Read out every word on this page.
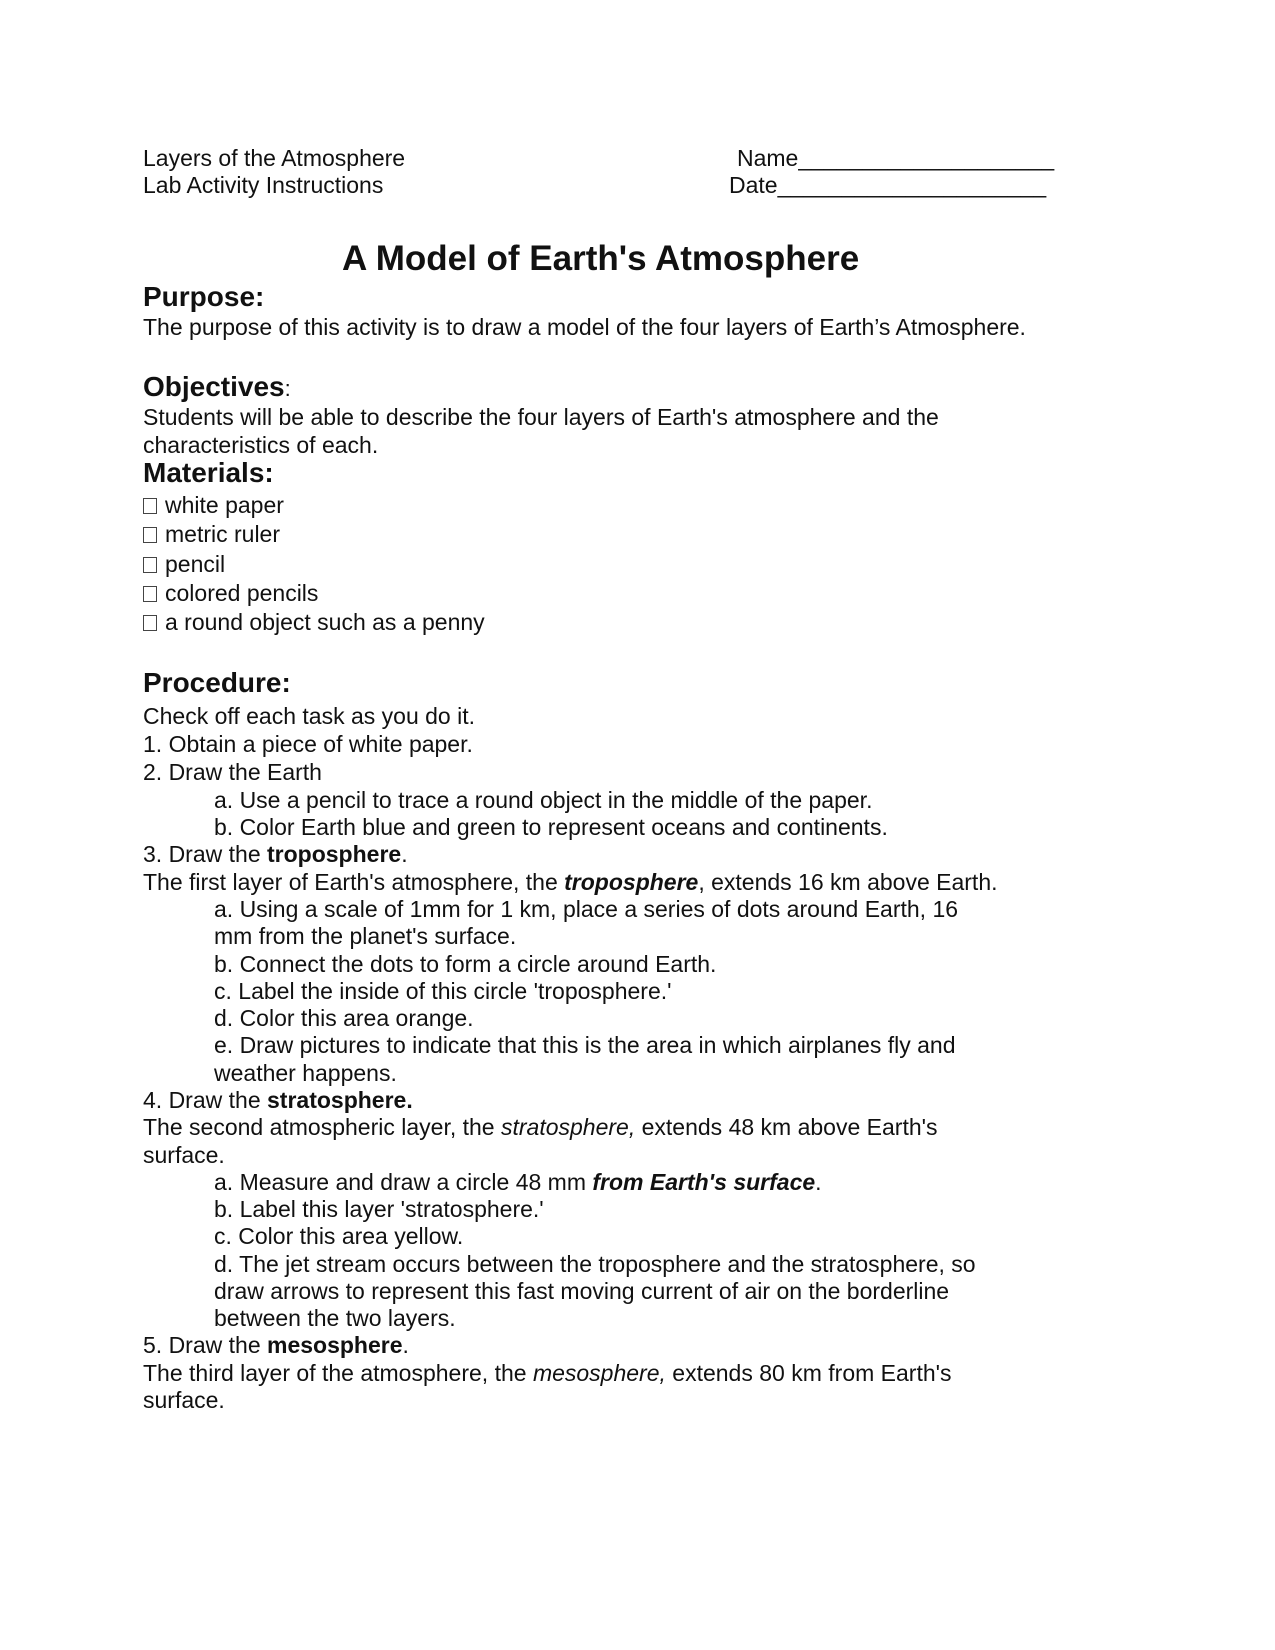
Layers of the Atmosphere
Lab Activity Instructions
Name____________________
Date_____________________
A Model of Earth's Atmosphere
Purpose:
The purpose of this activity is to draw a model of the four layers of Earth’s Atmosphere.
Objectives:
Students will be able to describe the four layers of Earth's atmosphere and the
characteristics of each.
Materials:
white paper
metric ruler
pencil
colored pencils
a round object such as a penny
Procedure:
Check off each task as you do it.
1. Obtain a piece of white paper.
2. Draw the Earth
a. Use a pencil to trace a round object in the middle of the paper.
b. Color Earth blue and green to represent oceans and continents.
3. Draw the troposphere.
The first layer of Earth's atmosphere, the troposphere, extends 16 km above Earth.
a. Using a scale of 1mm for 1 km, place a series of dots around Earth, 16
mm from the planet's surface.
b. Connect the dots to form a circle around Earth.
c. Label the inside of this circle 'troposphere.'
d. Color this area orange.
e. Draw pictures to indicate that this is the area in which airplanes fly and
weather happens.
4. Draw the stratosphere.
The second atmospheric layer, the stratosphere, extends 48 km above Earth's
surface.
a. Measure and draw a circle 48 mm from Earth's surface.
b. Label this layer 'stratosphere.'
c. Color this area yellow.
d. The jet stream occurs between the troposphere and the stratosphere, so
draw arrows to represent this fast moving current of air on the borderline
between the two layers.
5. Draw the mesosphere.
The third layer of the atmosphere, the mesosphere, extends 80 km from Earth's
surface.
